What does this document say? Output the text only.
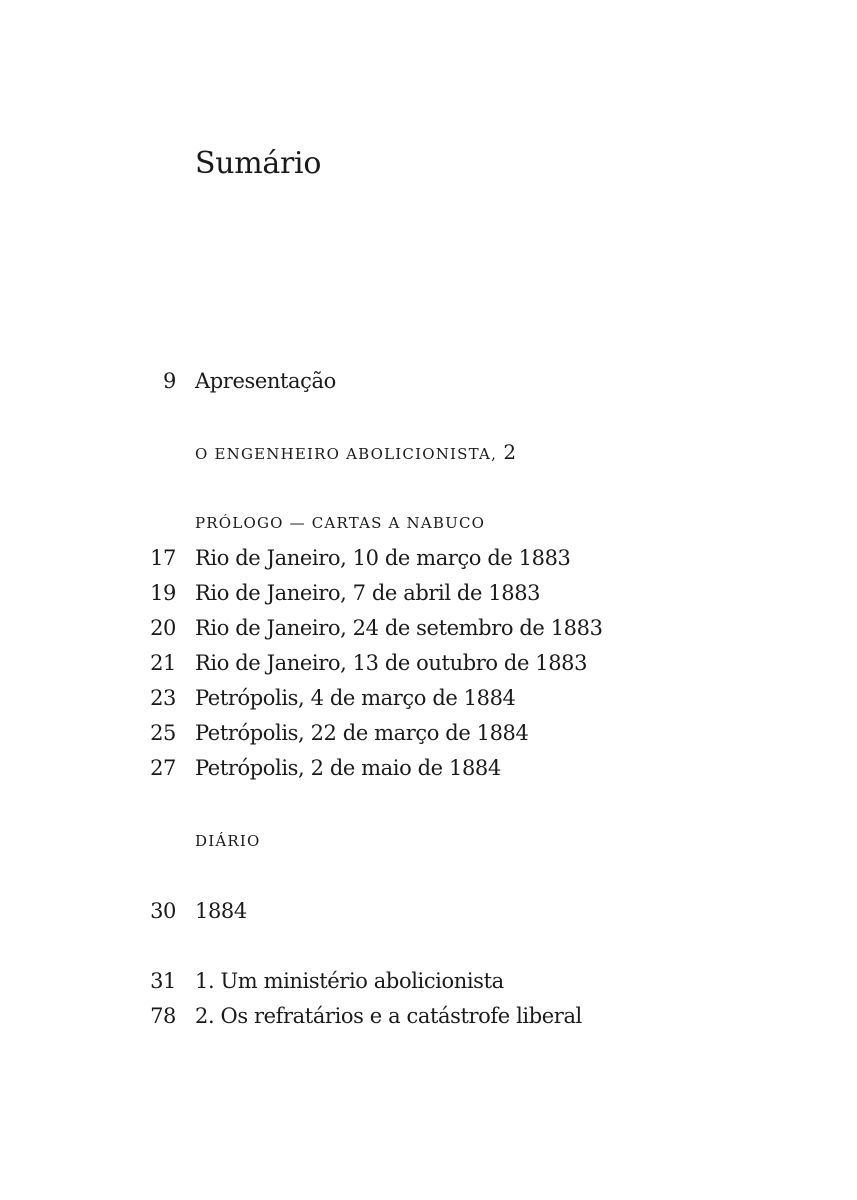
Sumário
9 Apresentação
O ENGENHEIRO ABOLICIONISTA, 2
PRÓLOGO — CARTAS A NABUCO
17 Rio de Janeiro, 10 de março de 1883
19 Rio de Janeiro, 7 de abril de 1883
20 Rio de Janeiro, 24 de setembro de 1883
21 Rio de Janeiro, 13 de outubro de 1883
23 Petrópolis, 4 de março de 1884
25 Petrópolis, 22 de março de 1884
27 Petrópolis, 2 de maio de 1884
DIÁRIO
30 1884
31 1. Um ministério abolicionista
78 2. Os refratários e a catástrofe liberal
